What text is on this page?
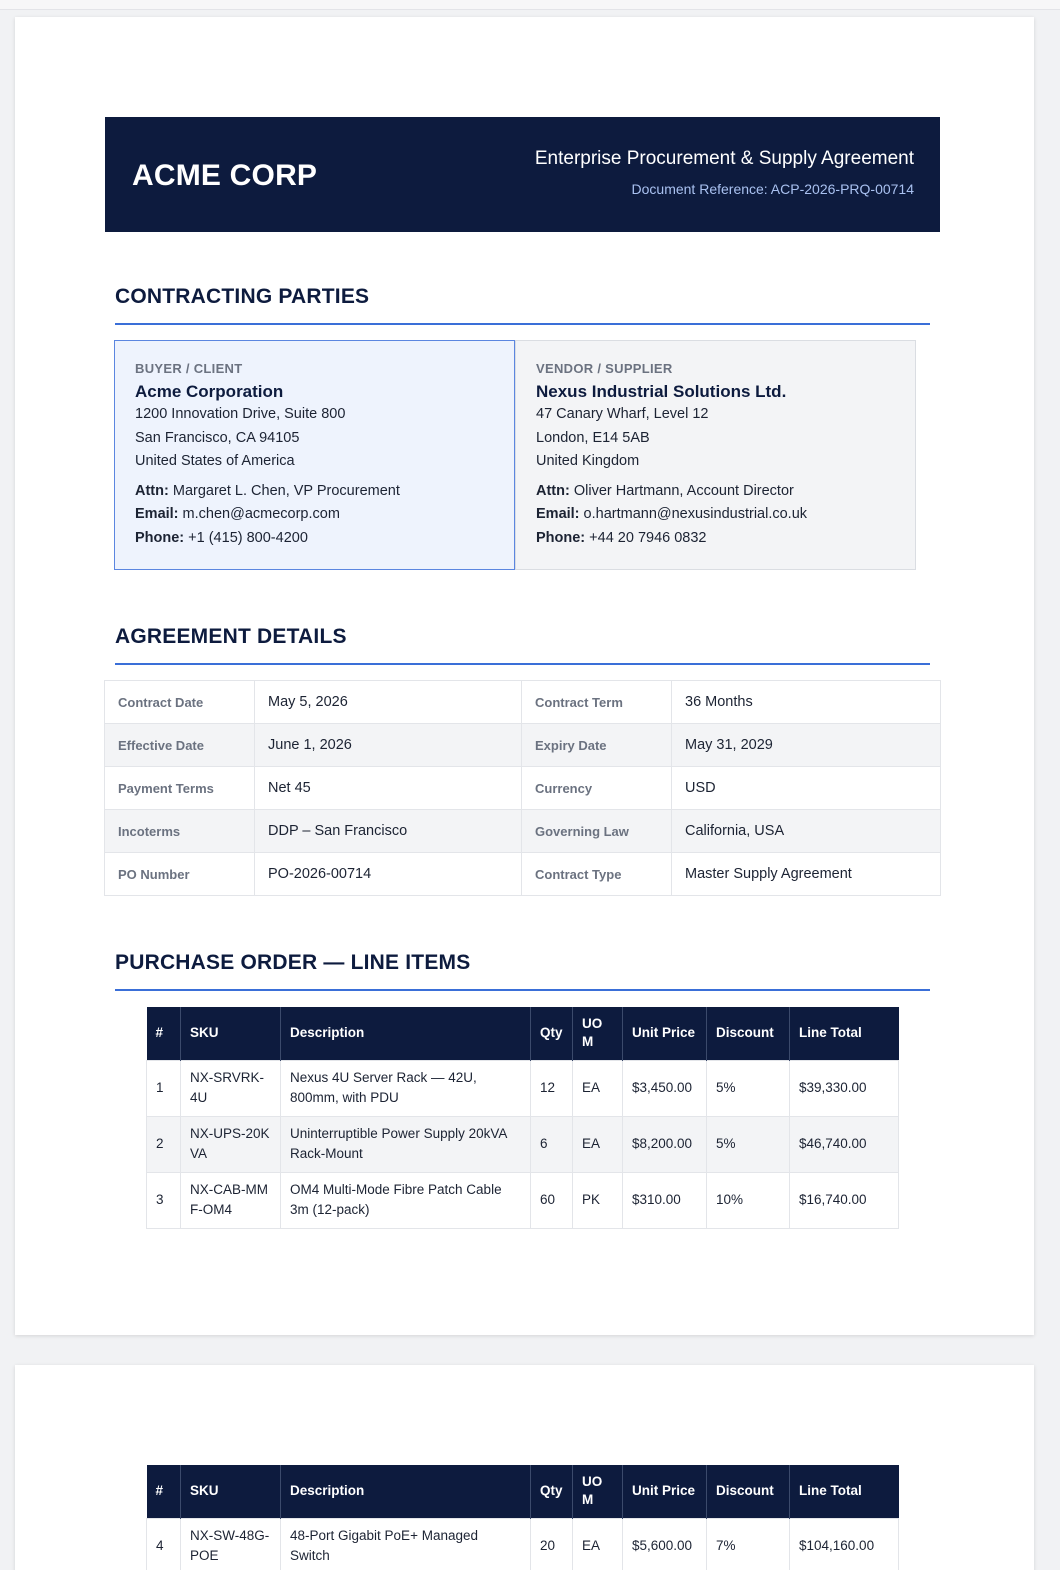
ACME CORP
Enterprise Procurement & Supply Agreement
Document Reference: ACP-2026-PRQ-00714
CONTRACTING PARTIES
BUYER / CLIENT
Acme Corporation
1200 Innovation Drive, Suite 800
San Francisco, CA 94105
United States of America
Attn: Margaret L. Chen, VP Procurement
Email: m.chen@acmecorp.com
Phone: +1 (415) 800-4200
VENDOR / SUPPLIER
Nexus Industrial Solutions Ltd.
47 Canary Wharf, Level 12
London, E14 5AB
United Kingdom
Attn: Oliver Hartmann, Account Director
Email: o.hartmann@nexusindustrial.co.uk
Phone: +44 20 7946 0832
AGREEMENT DETAILS
Contract Date	May 5, 2026	Contract Term	36 Months
Effective Date	June 1, 2026	Expiry Date	May 31, 2029
Payment Terms	Net 45	Currency	USD
Incoterms	DDP – San Francisco	Governing Law	California, USA
PO Number	PO-2026-00714	Contract Type	Master Supply Agreement
PURCHASE ORDER — LINE ITEMS
#	SKU	Description	Qty	UOM	Unit Price	Discount	Line Total
1	NX-SRVRK-4U	Nexus 4U Server Rack — 42U, 800mm, with PDU	12	EA	$3,450.00	5%	$39,330.00
2	NX-UPS-20KVA	Uninterruptible Power Supply 20kVA Rack-Mount	6	EA	$8,200.00	5%	$46,740.00
3	NX-CAB-MMF-OM4	OM4 Multi-Mode Fibre Patch Cable 3m (12-pack)	60	PK	$310.00	10%	$16,740.00
#	SKU	Description	Qty	UOM	Unit Price	Discount	Line Total
4	NX-SW-48G-POE	48-Port Gigabit PoE+ Managed Switch	20	EA	$5,600.00	7%	$104,160.00
